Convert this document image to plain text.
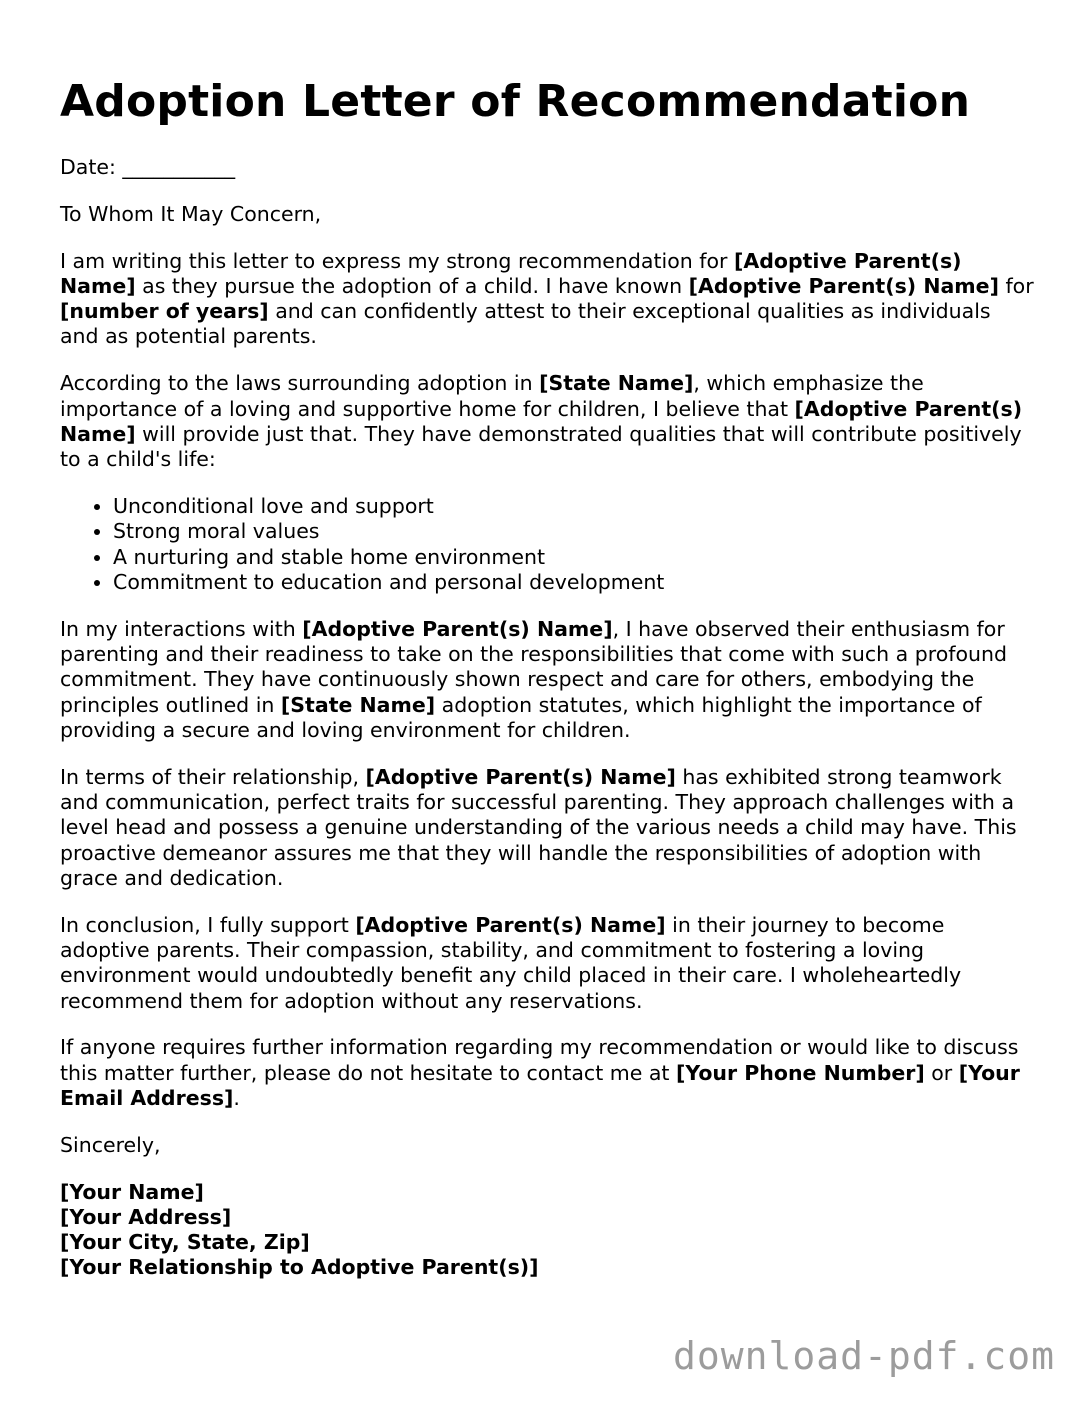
Adoption Letter of Recommendation

Date: ___________

To Whom It May Concern,

I am writing this letter to express my strong recommendation for [Adoptive Parent(s) Name] as they pursue the adoption of a child. I have known [Adoptive Parent(s) Name] for [number of years] and can confidently attest to their exceptional qualities as individuals and as potential parents.

According to the laws surrounding adoption in [State Name], which emphasize the importance of a loving and supportive home for children, I believe that [Adoptive Parent(s) Name] will provide just that. They have demonstrated qualities that will contribute positively to a child's life:

• Unconditional love and support
• Strong moral values
• A nurturing and stable home environment
• Commitment to education and personal development

In my interactions with [Adoptive Parent(s) Name], I have observed their enthusiasm for parenting and their readiness to take on the responsibilities that come with such a profound commitment. They have continuously shown respect and care for others, embodying the principles outlined in [State Name] adoption statutes, which highlight the importance of providing a secure and loving environment for children.

In terms of their relationship, [Adoptive Parent(s) Name] has exhibited strong teamwork and communication, perfect traits for successful parenting. They approach challenges with a level head and possess a genuine understanding of the various needs a child may have. This proactive demeanor assures me that they will handle the responsibilities of adoption with grace and dedication.

In conclusion, I fully support [Adoptive Parent(s) Name] in their journey to become adoptive parents. Their compassion, stability, and commitment to fostering a loving environment would undoubtedly benefit any child placed in their care. I wholeheartedly recommend them for adoption without any reservations.

If anyone requires further information regarding my recommendation or would like to discuss this matter further, please do not hesitate to contact me at [Your Phone Number] or [Your Email Address].

Sincerely,

[Your Name]

[Your Address]

[Your City, State, Zip]

[Your Relationship to Adoptive Parent(s)]

download-pdf.com
